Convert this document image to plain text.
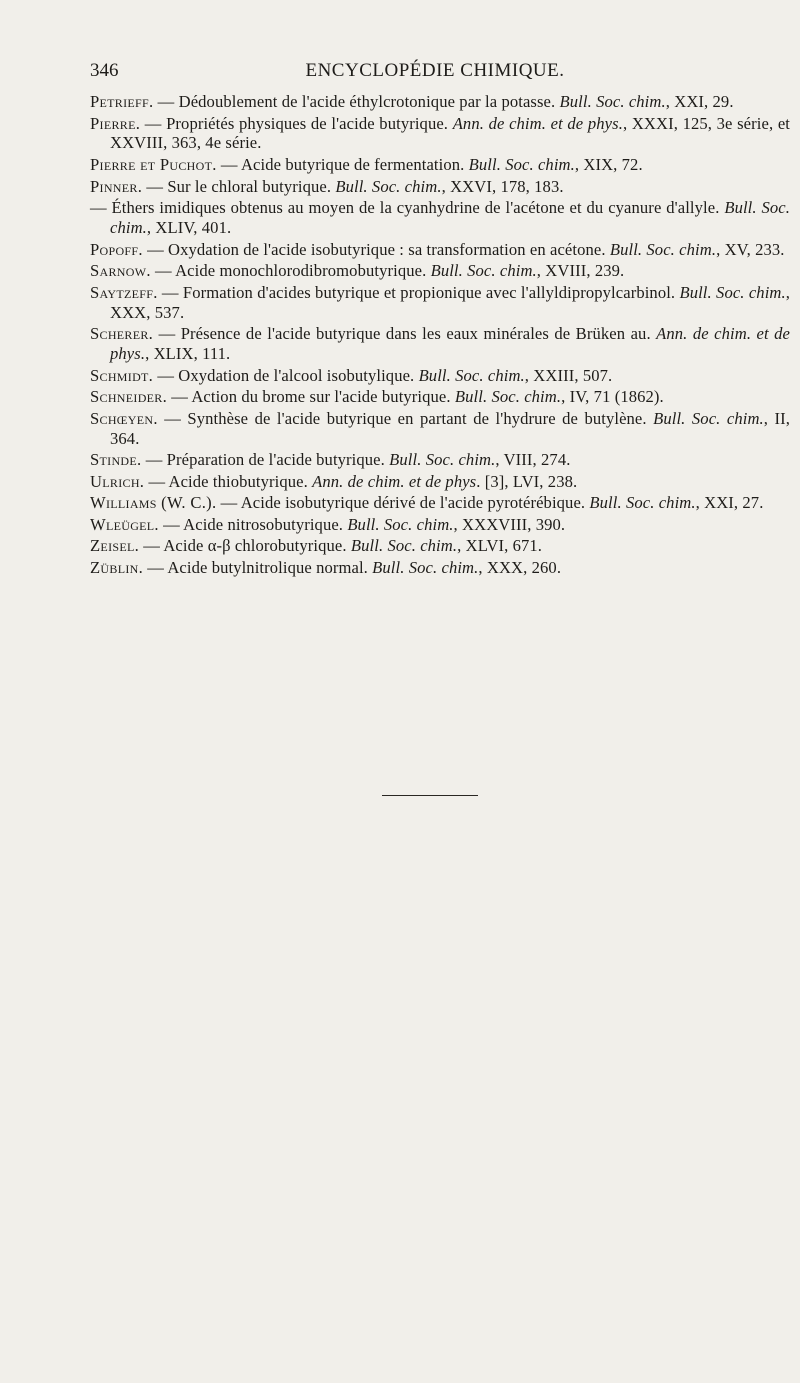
346	ENCYCLOPÉDIE CHIMIQUE.

Petrieff. — Dédoublement de l'acide éthylcrotonique par la potasse. Bull. Soc. chim., XXI, 29.

Pierre. — Propriétés physiques de l'acide butyrique. Ann. de chim. et de phys., XXXI, 125, 3e série, et XXVIII, 363, 4e série.

Pierre et Puchot. — Acide butyrique de fermentation. Bull. Soc. chim., XIX, 72.

Pinner. — Sur le chloral butyrique. Bull. Soc. chim., XXVI, 178, 183.

— Éthers imidiques obtenus au moyen de la cyanhydrine de l'acétone et du cyanure d'allyle. Bull. Soc. chim., XLIV, 401.

Popoff. — Oxydation de l'acide isobutyrique : sa transformation en acétone. Bull. Soc. chim., XV, 233.

Sarnow. — Acide monochlorodibromobutyrique. Bull. Soc. chim., XVIII, 239.

Saytzeff. — Formation d'acides butyrique et propionique avec l'allyldipropylcarbinol. Bull. Soc. chim., XXX, 537.

Scherer. — Présence de l'acide butyrique dans les eaux minérales de Brüken au. Ann. de chim. et de phys., XLIX, 111.

Schmidt. — Oxydation de l'alcool isobutylique. Bull. Soc. chim., XXIII, 507.

Schneider. — Action du brome sur l'acide butyrique. Bull. Soc. chim., IV, 71 (1862).

Schœyen. — Synthèse de l'acide butyrique en partant de l'hydrure de butylène. Bull. Soc. chim., II, 364.

Stinde. — Préparation de l'acide butyrique. Bull. Soc. chim., VIII, 274.

Ulrich. — Acide thiobutyrique. Ann. de chim. et de phys. [3], LVI, 238.

Williams (W. C.). — Acide isobutyrique dérivé de l'acide pyrotérébique. Bull. Soc. chim., XXI, 27.

Wleügel. — Acide nitrosobutyrique. Bull. Soc. chim., XXXVIII, 390.

Zeisel. — Acide α-β chlorobutyrique. Bull. Soc. chim., XLVI, 671.

Züblin. — Acide butylnitrolique normal. Bull. Soc. chim., XXX, 260.
